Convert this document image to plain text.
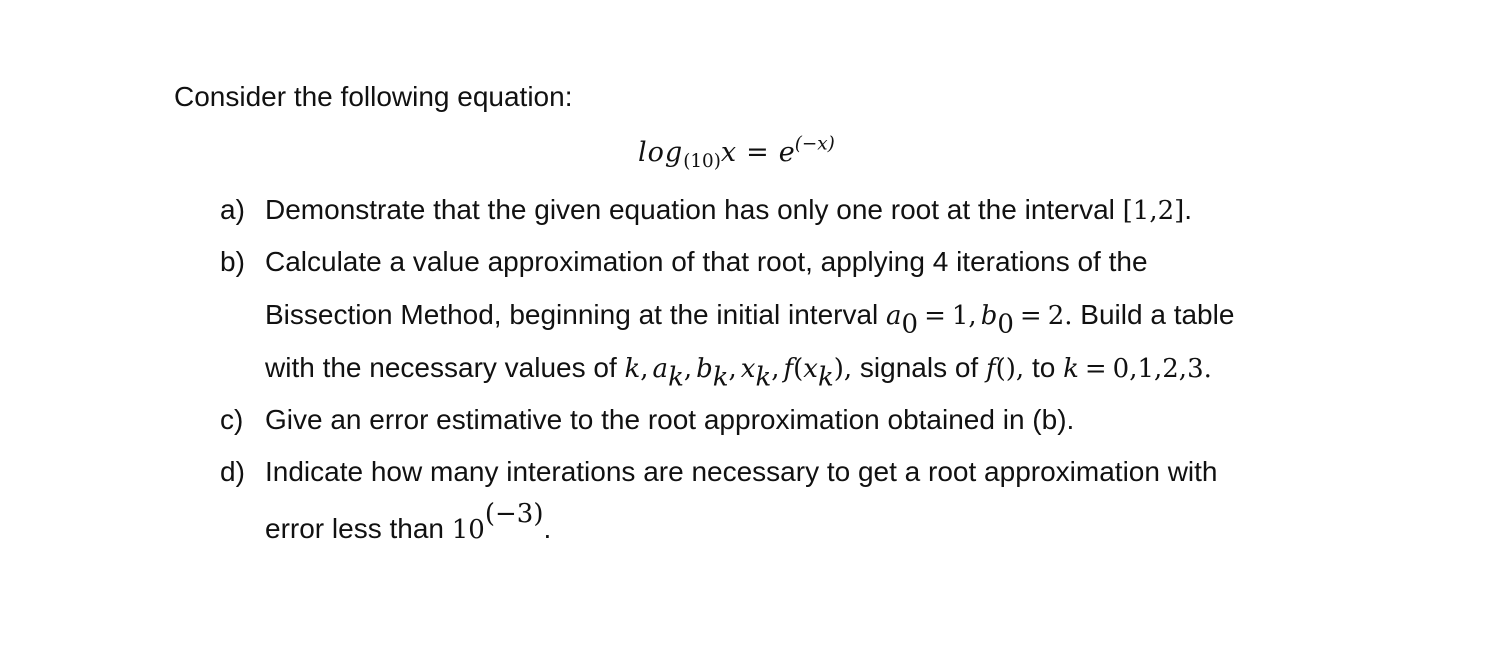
Consider the following equation:
$\log_{(10)}x = e^{(-x)}$
a) Demonstrate that the given equation has only one root at the interval [1,2].
b) Calculate a value approximation of that root, applying 4 iterations of the
Bissection Method, beginning at the initial interval a0 = 1, b0 = 2. Build a table
with the necessary values of k, ak, bk, xk, f(xk), signals of f(), to k = 0,1,2,3.
c) Give an error estimative to the root approximation obtained in (b).
d) Indicate how many interations are necessary to get a root approximation with
error less than 10(−3).
